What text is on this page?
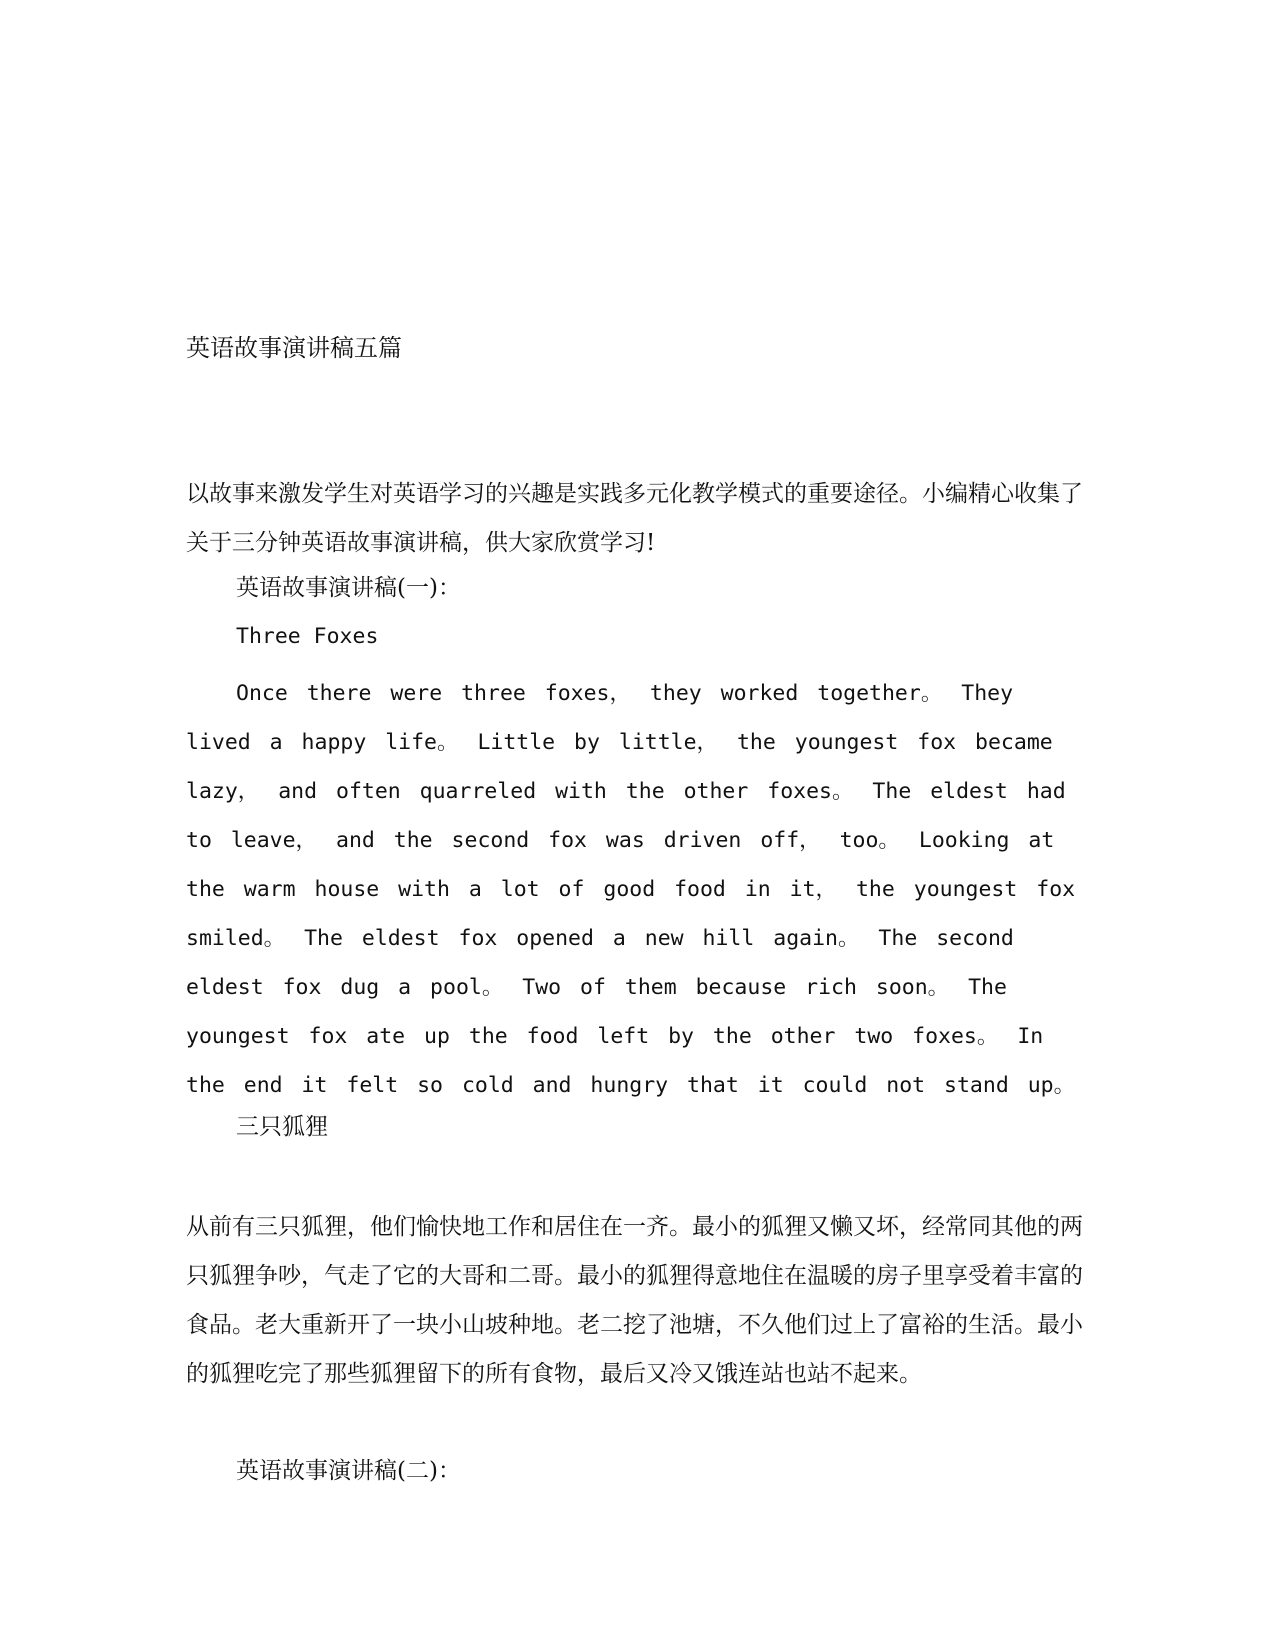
英语故事演讲稿五篇
以故事来激发学生对英语学习的兴趣是实践多元化教学模式的重要途径。小编精心收集了关于三分钟英语故事演讲稿，供大家欣赏学习!
英语故事演讲稿(一)：
Three Foxes
Once there were three foxes， they worked together。 They lived a happy life。 Little by little， the youngest fox became lazy， and often quarreled with the other foxes。 The eldest had to leave， and the second fox was driven off， too。 Looking at the warm house with a lot of good food in it， the youngest fox smiled。 The eldest fox opened a new hill again。 The second eldest fox dug a pool。 Two of them because rich soon。 The youngest fox ate up the food left by the other two foxes。 In the end it felt so cold and hungry that it could not stand up。
三只狐狸
从前有三只狐狸，他们愉快地工作和居住在一齐。最小的狐狸又懒又坏，经常同其他的两只狐狸争吵，气走了它的大哥和二哥。最小的狐狸得意地住在温暖的房子里享受着丰富的食品。老大重新开了一块小山坡种地。老二挖了池塘，不久他们过上了富裕的生活。最小的狐狸吃完了那些狐狸留下的所有食物，最后又冷又饿连站也站不起来。
英语故事演讲稿(二)：
